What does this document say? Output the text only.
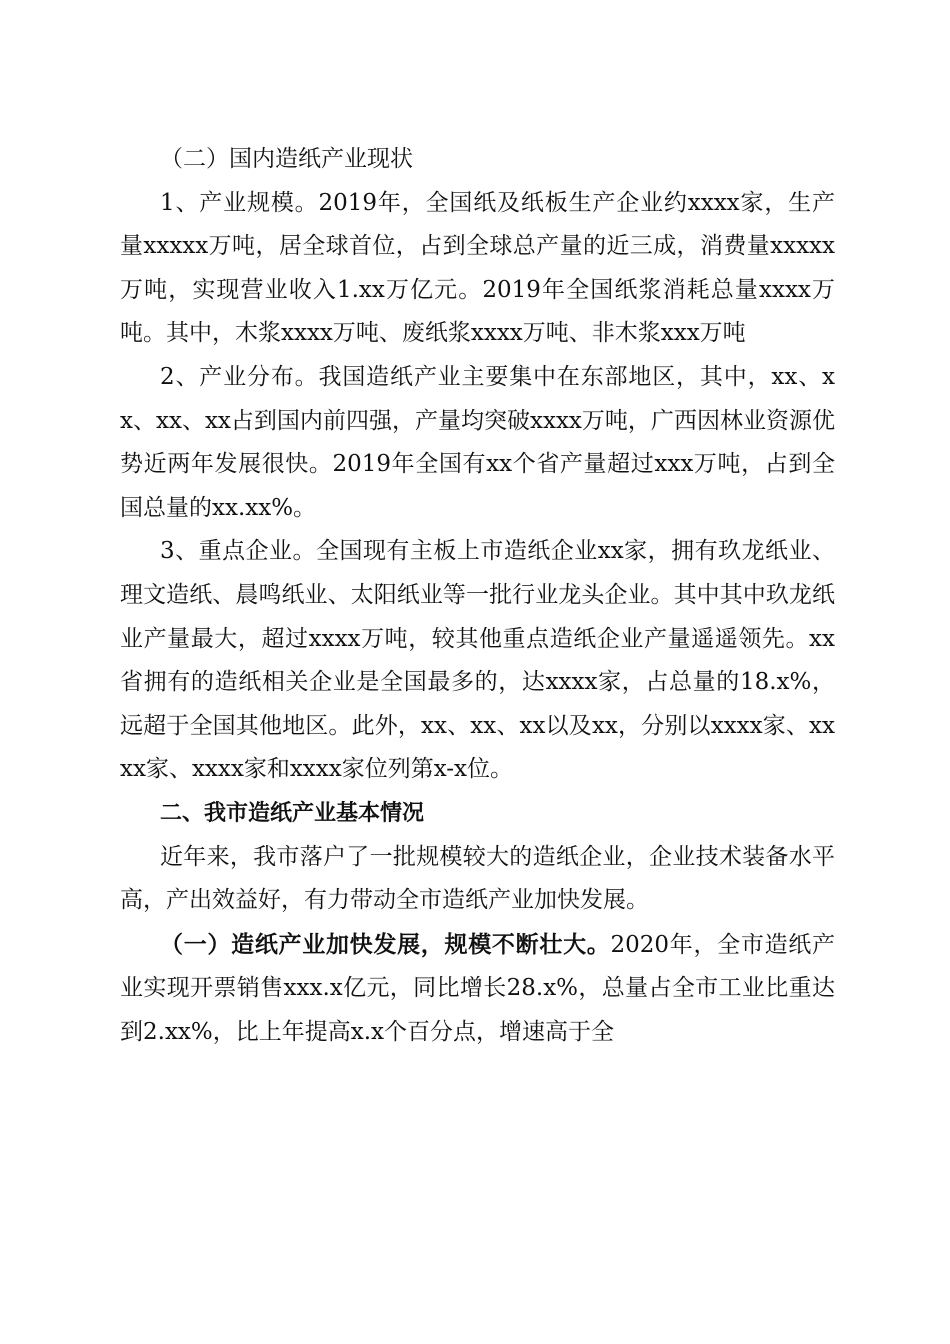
（二）国内造纸产业现状

1、产业规模。2019年，全国纸及纸板生产企业约xxxx家，生产量xxxxx万吨，居全球首位，占到全球总产量的近三成，消费量xxxxx万吨，实现营业收入1.xx万亿元。2019年全国纸浆消耗总量xxxx万吨。其中，木浆xxxx万吨、废纸浆xxxx万吨、非木浆xxx万吨

2、产业分布。我国造纸产业主要集中在东部地区，其中，xx、xx、xx、xx占到国内前四强，产量均突破xxxx万吨，广西因林业资源优势近两年发展很快。2019年全国有xx个省产量超过xxx万吨，占到全国总量的xx.xx%。

3、重点企业。全国现有主板上市造纸企业xx家，拥有玖龙纸业、理文造纸、晨鸣纸业、太阳纸业等一批行业龙头企业。其中其中玖龙纸业产量最大，超过xxxx万吨，较其他重点造纸企业产量遥遥领先。xx省拥有的造纸相关企业是全国最多的，达xxxx家，占总量的18.x%，远超于全国其他地区。此外，xx、xx、xx以及xx，分别以xxxx家、xxxx家、xxxx家和xxxx家位列第x-x位。

二、我市造纸产业基本情况

近年来，我市落户了一批规模较大的造纸企业，企业技术装备水平高，产出效益好，有力带动全市造纸产业加快发展。

（一）造纸产业加快发展，规模不断壮大。2020年，全市造纸产业实现开票销售xxx.x亿元，同比增长28.x%，总量占全市工业比重达到2.xx%，比上年提高x.x个百分点，增速高于全
